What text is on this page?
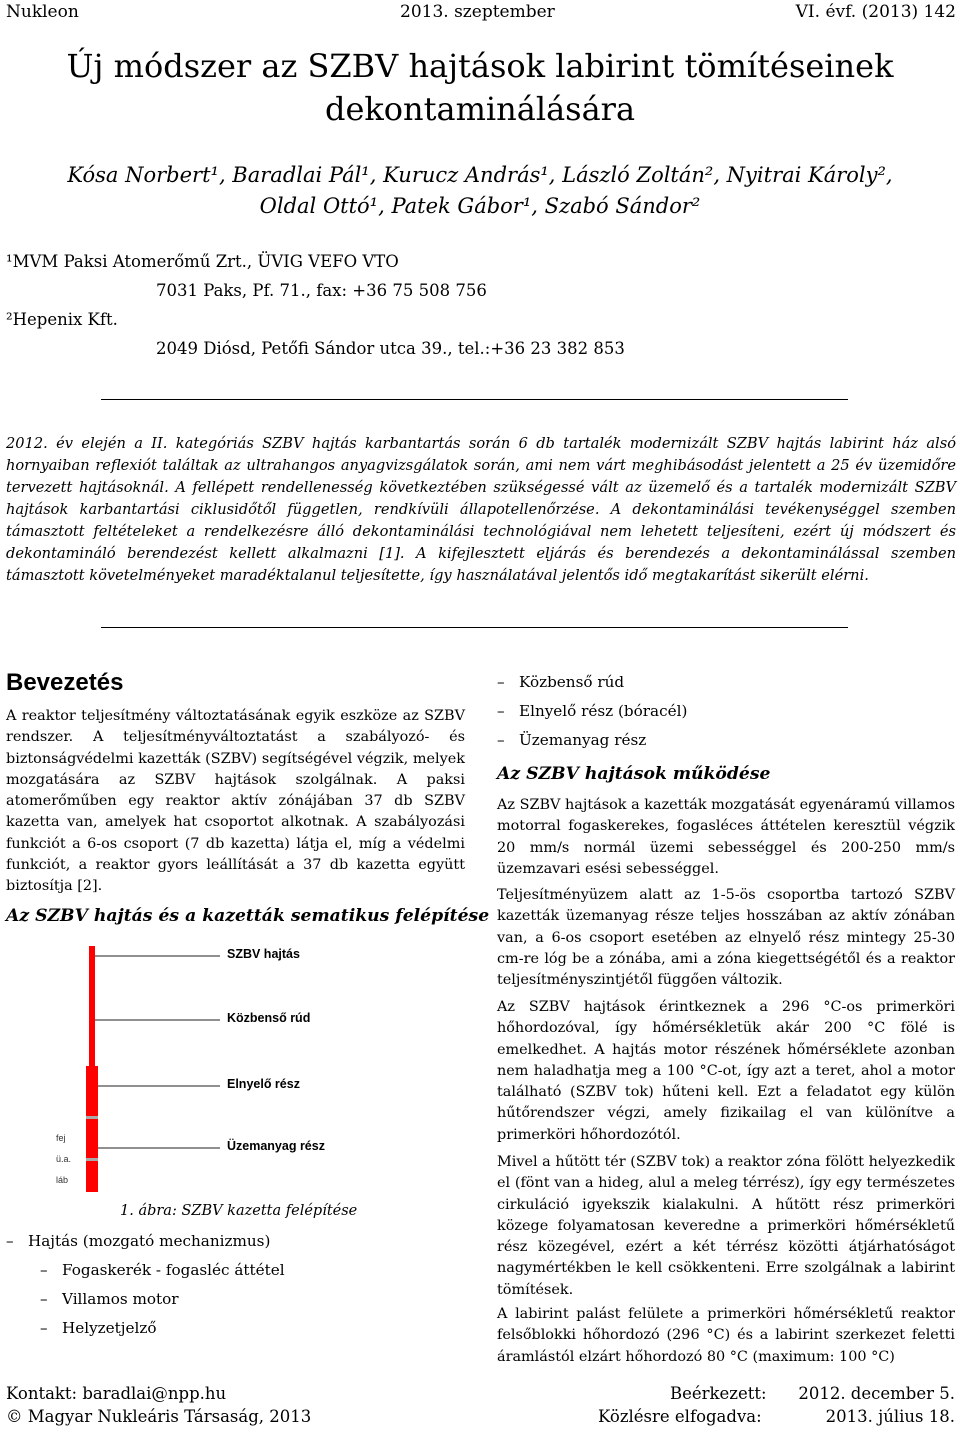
Nukleon	2013. szeptember	VI. évf. (2013) 142
Új módszer az SZBV hajtások labirint tömítéseinek
dekontaminálására
Kósa Norbert¹, Baradlai Pál¹, Kurucz András¹, László Zoltán², Nyitrai Károly²,
Oldal Ottó¹, Patek Gábor¹, Szabó Sándor²
¹MVM Paksi Atomerőmű Zrt., ÜVIG VEFO VTO
7031 Paks, Pf. 71., fax: +36 75 508 756
²Hepenix Kft.
2049 Diósd, Petőfi Sándor utca 39., tel.:+36 23 382 853
2012. év elején a II. kategóriás SZBV hajtás karbantartás során 6 db tartalék modernizált SZBV hajtás labirint ház alsó hornyaiban reflexiót találtak az ultrahangos anyagvizsgálatok során, ami nem várt meghibásodást jelentett a 25 év üzemidőre tervezett hajtásoknál. A fellépett rendellenesség következtében szükségessé vált az üzemelő és a tartalék modernizált SZBV hajtások karbantartási ciklusidőtől független, rendkívüli állapotellenőrzése. A dekontaminálási tevékenységgel szemben támasztott feltételeket a rendelkezésre álló dekontaminálási technológiával nem lehetett teljesíteni, ezért új módszert és dekontamináló berendezést kellett alkalmazni [1]. A kifejlesztett eljárás és berendezés a dekontaminálással szemben támasztott követelményeket maradéktalanul teljesítette, így használatával jelentős idő megtakarítást sikerült elérni.
Bevezetés
A reaktor teljesítmény változtatásának egyik eszköze az SZBV rendszer. A teljesítményváltoztatást a szabályozó- és biztonságvédelmi kazetták (SZBV) segítségével végzik, melyek mozgatására az SZBV hajtások szolgálnak. A paksi atomerőműben egy reaktor aktív zónájában 37 db SZBV kazetta van, amelyek hat csoportot alkotnak. A szabályozási funkciót a 6-os csoport (7 db kazetta) látja el, míg a védelmi funkciót, a reaktor gyors leállítását a 37 db kazetta együtt biztosítja [2].
Az SZBV hajtás és a kazetták sematikus felépítése
SZBV hajtás
Közbenső rúd
Elnyelő rész
Üzemanyag rész
fej
ü.a.
láb
1. ábra: SZBV kazetta felépítése
– Hajtás (mozgató mechanizmus)
– Fogaskerék - fogasléc áttétel
– Villamos motor
– Helyzetjelző
– Közbenső rúd
– Elnyelő rész (bóracél)
– Üzemanyag rész
Az SZBV hajtások működése
Az SZBV hajtások a kazetták mozgatását egyenáramú villamos motorral fogaskerekes, fogasléces áttételen keresztül végzik 20 mm/s normál üzemi sebességgel és 200-250 mm/s üzemzavari esési sebességgel.
Teljesítményüzem alatt az 1-5-ös csoportba tartozó SZBV kazetták üzemanyag része teljes hosszában az aktív zónában van, a 6-os csoport esetében az elnyelő rész mintegy 25-30 cm-re lóg be a zónába, ami a zóna kiegettségétől és a reaktor teljesítményszintjétől függően változik.
Az SZBV hajtások érintkeznek a 296 °C-os primerköri hőhordozóval, így hőmérsékletük akár 200 °C fölé is emelkedhet. A hajtás motor részének hőmérséklete azonban nem haladhatja meg a 100 °C-ot, így azt a teret, ahol a motor található (SZBV tok) hűteni kell. Ezt a feladatot egy külön hűtőrendszer végzi, amely fizikailag el van különítve a primerköri hőhordozótól.
Mivel a hűtött tér (SZBV tok) a reaktor zóna fölött helyezkedik el (fönt van a hideg, alul a meleg térrész), így egy természetes cirkuláció igyekszik kialakulni. A hűtött rész primerköri közege folyamatosan keveredne a primerköri hőmérsékletű rész közegével, ezért a két térrész közötti átjárhatóságot nagymértékben le kell csökkenteni. Erre szolgálnak a labirint tömítések.
A labirint palást felülete a primerköri hőmérsékletű reaktor felsőblokki hőhordozó (296 °C) és a labirint szerkezet feletti áramlástól elzárt hőhordozó 80 °C (maximum: 100 °C)
Kontakt: baradlai@npp.hu
© Magyar Nukleáris Társaság, 2013
Beérkezett: 2012. december 5.
Közlésre elfogadva:	2013. július 18.
